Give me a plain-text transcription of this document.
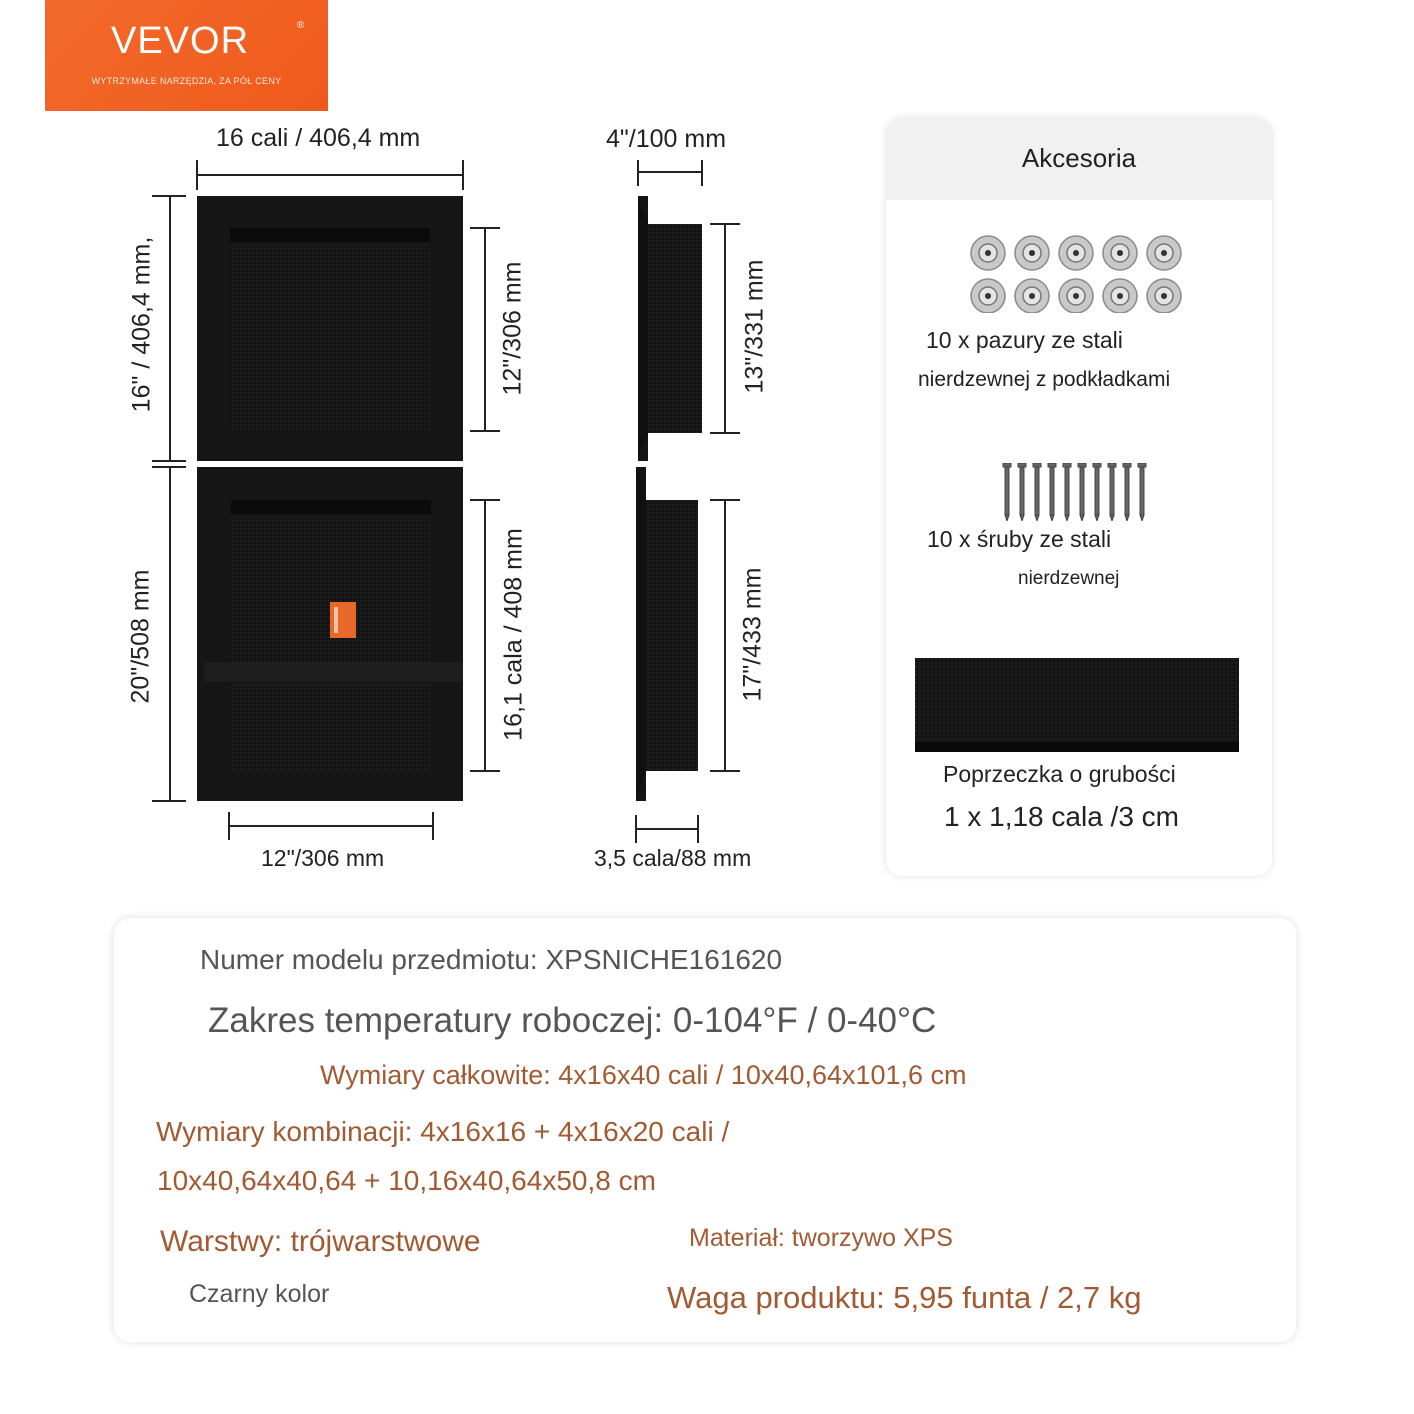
VEVOR	®
WYTRZYMAŁE NARZĘDZIA, ZA PÓŁ CENY
16 cali / 406,4 mm
16" / 406,4 mm,	12"/306 mm
20"/508 mm	16,1 cala / 408 mm
12"/306 mm
4"/100 mm
13"/331 mm
17"/433 mm
3,5 cala/88 mm
Akcesoria
10 x pazury ze stali
nierdzewnej z podkładkami
10 x śruby ze stali
nierdzewnej
Poprzeczka o grubości
1 x 1,18 cala /3 cm
Numer modelu przedmiotu: XPSNICHE161620
Zakres temperatury roboczej: 0-104°F / 0-40°C
Wymiary całkowite: 4x16x40 cali / 10x40,64x101,6 cm
Wymiary kombinacji: 4x16x16 + 4x16x20 cali /
10x40,64x40,64 + 10,16x40,64x50,8 cm
Warstwy: trójwarstwowe	Materiał: tworzywo XPS
Czarny kolor	Waga produktu: 5,95 funta / 2,7 kg
